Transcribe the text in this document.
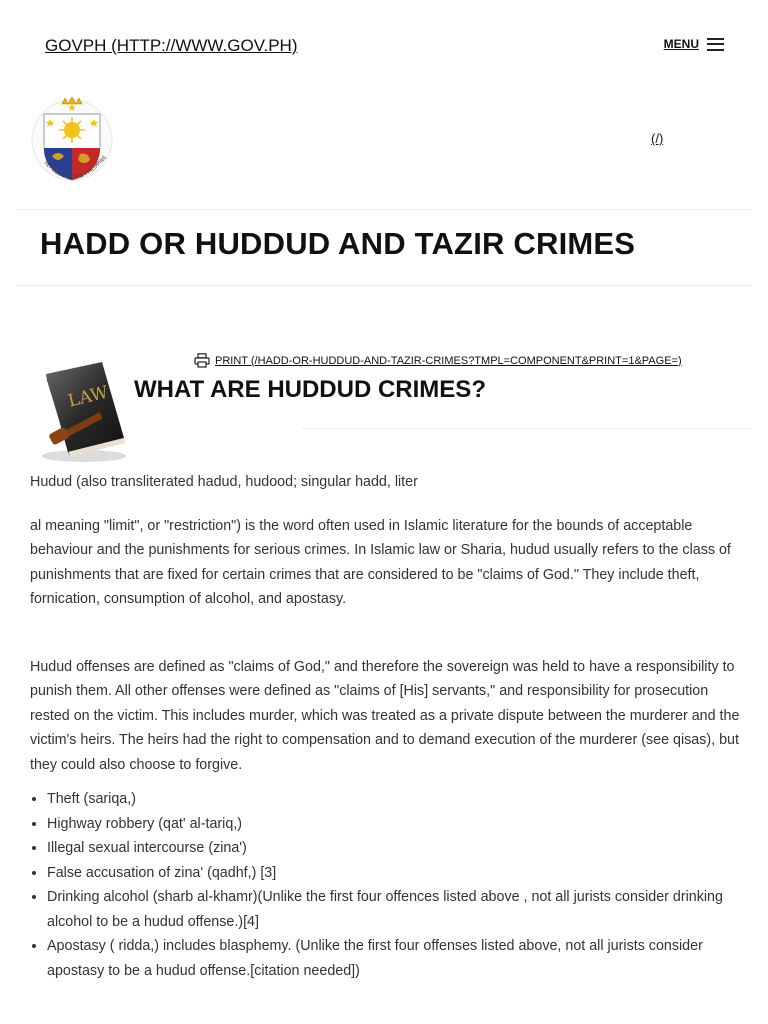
GOVPH (HTTP://WWW.GOV.PH)	MENU
REPUBLIC OF THE PHILIPPINE
(/)
HADD OR HUDDUD AND TAZIR CRIMES
LAW
PRINT (/HADD-OR-HUDDUD-AND-TAZIR-CRIMES?TMPL=COMPONENT&PRINT=1&PAGE=)
WHAT ARE HUDDUD CRIMES?

Hudud (also transliterated hadud, hudood; singular hadd, liter

al meaning "limit", or "restriction") is the word often used in Islamic literature for the bounds of acceptable behaviour and the punishments for serious crimes. In Islamic law or Sharia, hudud usually refers to the class of punishments that are fixed for certain crimes that are considered to be "claims of God." They include theft, fornication, consumption of alcohol, and apostasy.

Hudud offenses are defined as "claims of God," and therefore the sovereign was held to have a responsibility to punish them. All other offenses were defined as "claims of [His] servants," and responsibility for prosecution rested on the victim. This includes murder, which was treated as a private dispute between the murderer and the victim's heirs. The heirs had the right to compensation and to demand execution of the murderer (see qisas), but they could also choose to forgive.

• Theft (sariqa,)
• Highway robbery (qat' al-tariq,)
• Illegal sexual intercourse (zina')
• False accusation of zina' (qadhf,) [3]
• Drinking alcohol (sharb al-khamr)(Unlike the first four offences listed above , not all jurists consider drinking alcohol to be a hudud offense.)[4]
• Apostasy ( ridda,) includes blasphemy. (Unlike the first four offenses listed above, not all jurists consider apostasy to be a hudud offense.[citation needed])
